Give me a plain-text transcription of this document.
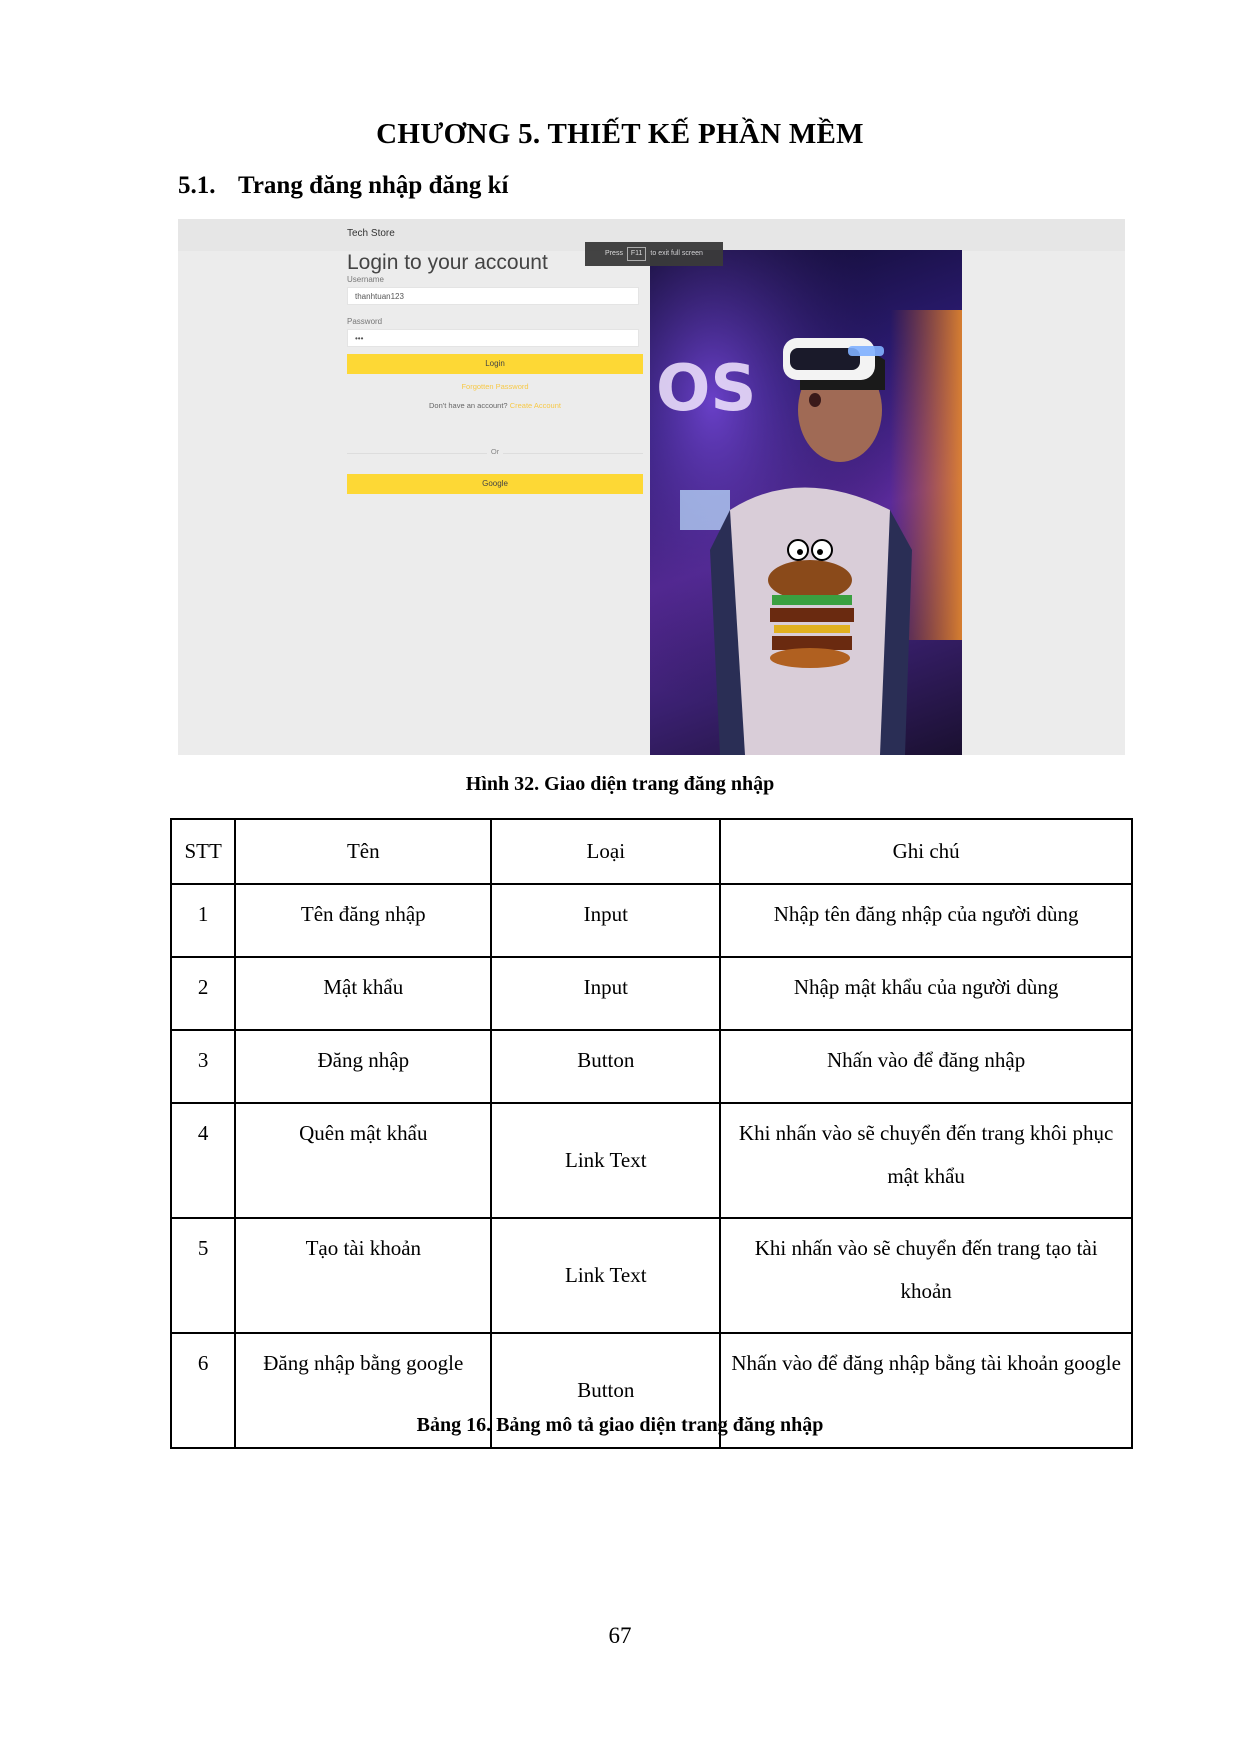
CHƯƠNG 5. THIẾT KẾ PHẦN MỀM
5.1. Trang đăng nhập đăng kí
Tech Store
Login to your account
Username
thanhtuan123
Password
•••
Login
Forgotten Password
Don't have an account? Create Account
Or
Google
OS
Press F11 to exit full screen
Hình 32. Giao diện trang đăng nhập
STT	Tên	Loại	Ghi chú
1	Tên đăng nhập	Input	Nhập tên đăng nhập của người dùng
2	Mật khẩu	Input	Nhập mật khẩu của người dùng
3	Đăng nhập	Button	Nhấn vào để đăng nhập
4	Quên mật khẩu	Link Text	Khi nhấn vào sẽ chuyển đến trang khôi phục mật khẩu
5	Tạo tài khoản	Link Text	Khi nhấn vào sẽ chuyển đến trang tạo tài khoản
6	Đăng nhập bằng google	Button	Nhấn vào để đăng nhập bằng tài khoản google
Bảng 16. Bảng mô tả giao diện trang đăng nhập
67
